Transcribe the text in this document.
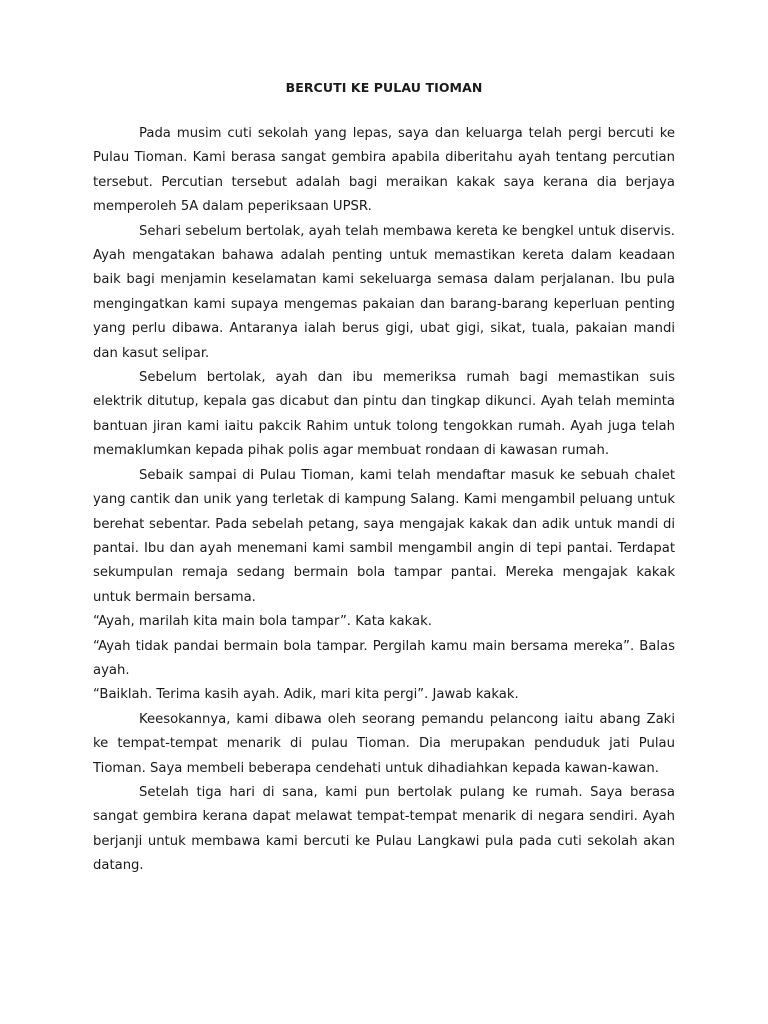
BERCUTI KE PULAU TIOMAN

Pada musim cuti sekolah yang lepas, saya dan keluarga telah pergi bercuti ke Pulau Tioman. Kami berasa sangat gembira apabila diberitahu ayah tentang percutian tersebut. Percutian tersebut adalah bagi meraikan kakak saya kerana dia berjaya memperoleh 5A dalam peperiksaan UPSR.

Sehari sebelum bertolak, ayah telah membawa kereta ke bengkel untuk diservis. Ayah mengatakan bahawa adalah penting untuk memastikan kereta dalam keadaan baik bagi menjamin keselamatan kami sekeluarga semasa dalam perjalanan. Ibu pula mengingatkan kami supaya mengemas pakaian dan barang-barang keperluan penting yang perlu dibawa. Antaranya ialah berus gigi, ubat gigi, sikat, tuala, pakaian mandi dan kasut selipar.

Sebelum bertolak, ayah dan ibu memeriksa rumah bagi memastikan suis elektrik ditutup, kepala gas dicabut dan pintu dan tingkap dikunci. Ayah telah meminta bantuan jiran kami iaitu pakcik Rahim untuk tolong tengokkan rumah. Ayah juga telah memaklumkan kepada pihak polis agar membuat rondaan di kawasan rumah.

Sebaik sampai di Pulau Tioman, kami telah mendaftar masuk ke sebuah chalet yang cantik dan unik yang terletak di kampung Salang. Kami mengambil peluang untuk berehat sebentar. Pada sebelah petang, saya mengajak kakak dan adik untuk mandi di pantai. Ibu dan ayah menemani kami sambil mengambil angin di tepi pantai. Terdapat sekumpulan remaja sedang bermain bola tampar pantai. Mereka mengajak kakak untuk bermain bersama.

“Ayah, marilah kita main bola tampar”. Kata kakak.

“Ayah tidak pandai bermain bola tampar. Pergilah kamu main bersama mereka”. Balas ayah.

“Baiklah. Terima kasih ayah. Adik, mari kita pergi”. Jawab kakak.

Keesokannya, kami dibawa oleh seorang pemandu pelancong iaitu abang Zaki ke tempat-tempat menarik di pulau Tioman. Dia merupakan penduduk jati Pulau Tioman. Saya membeli beberapa cendehati untuk dihadiahkan kepada kawan-kawan.

Setelah tiga hari di sana, kami pun bertolak pulang ke rumah. Saya berasa sangat gembira kerana dapat melawat tempat-tempat menarik di negara sendiri. Ayah berjanji untuk membawa kami bercuti ke Pulau Langkawi pula pada cuti sekolah akan datang.
